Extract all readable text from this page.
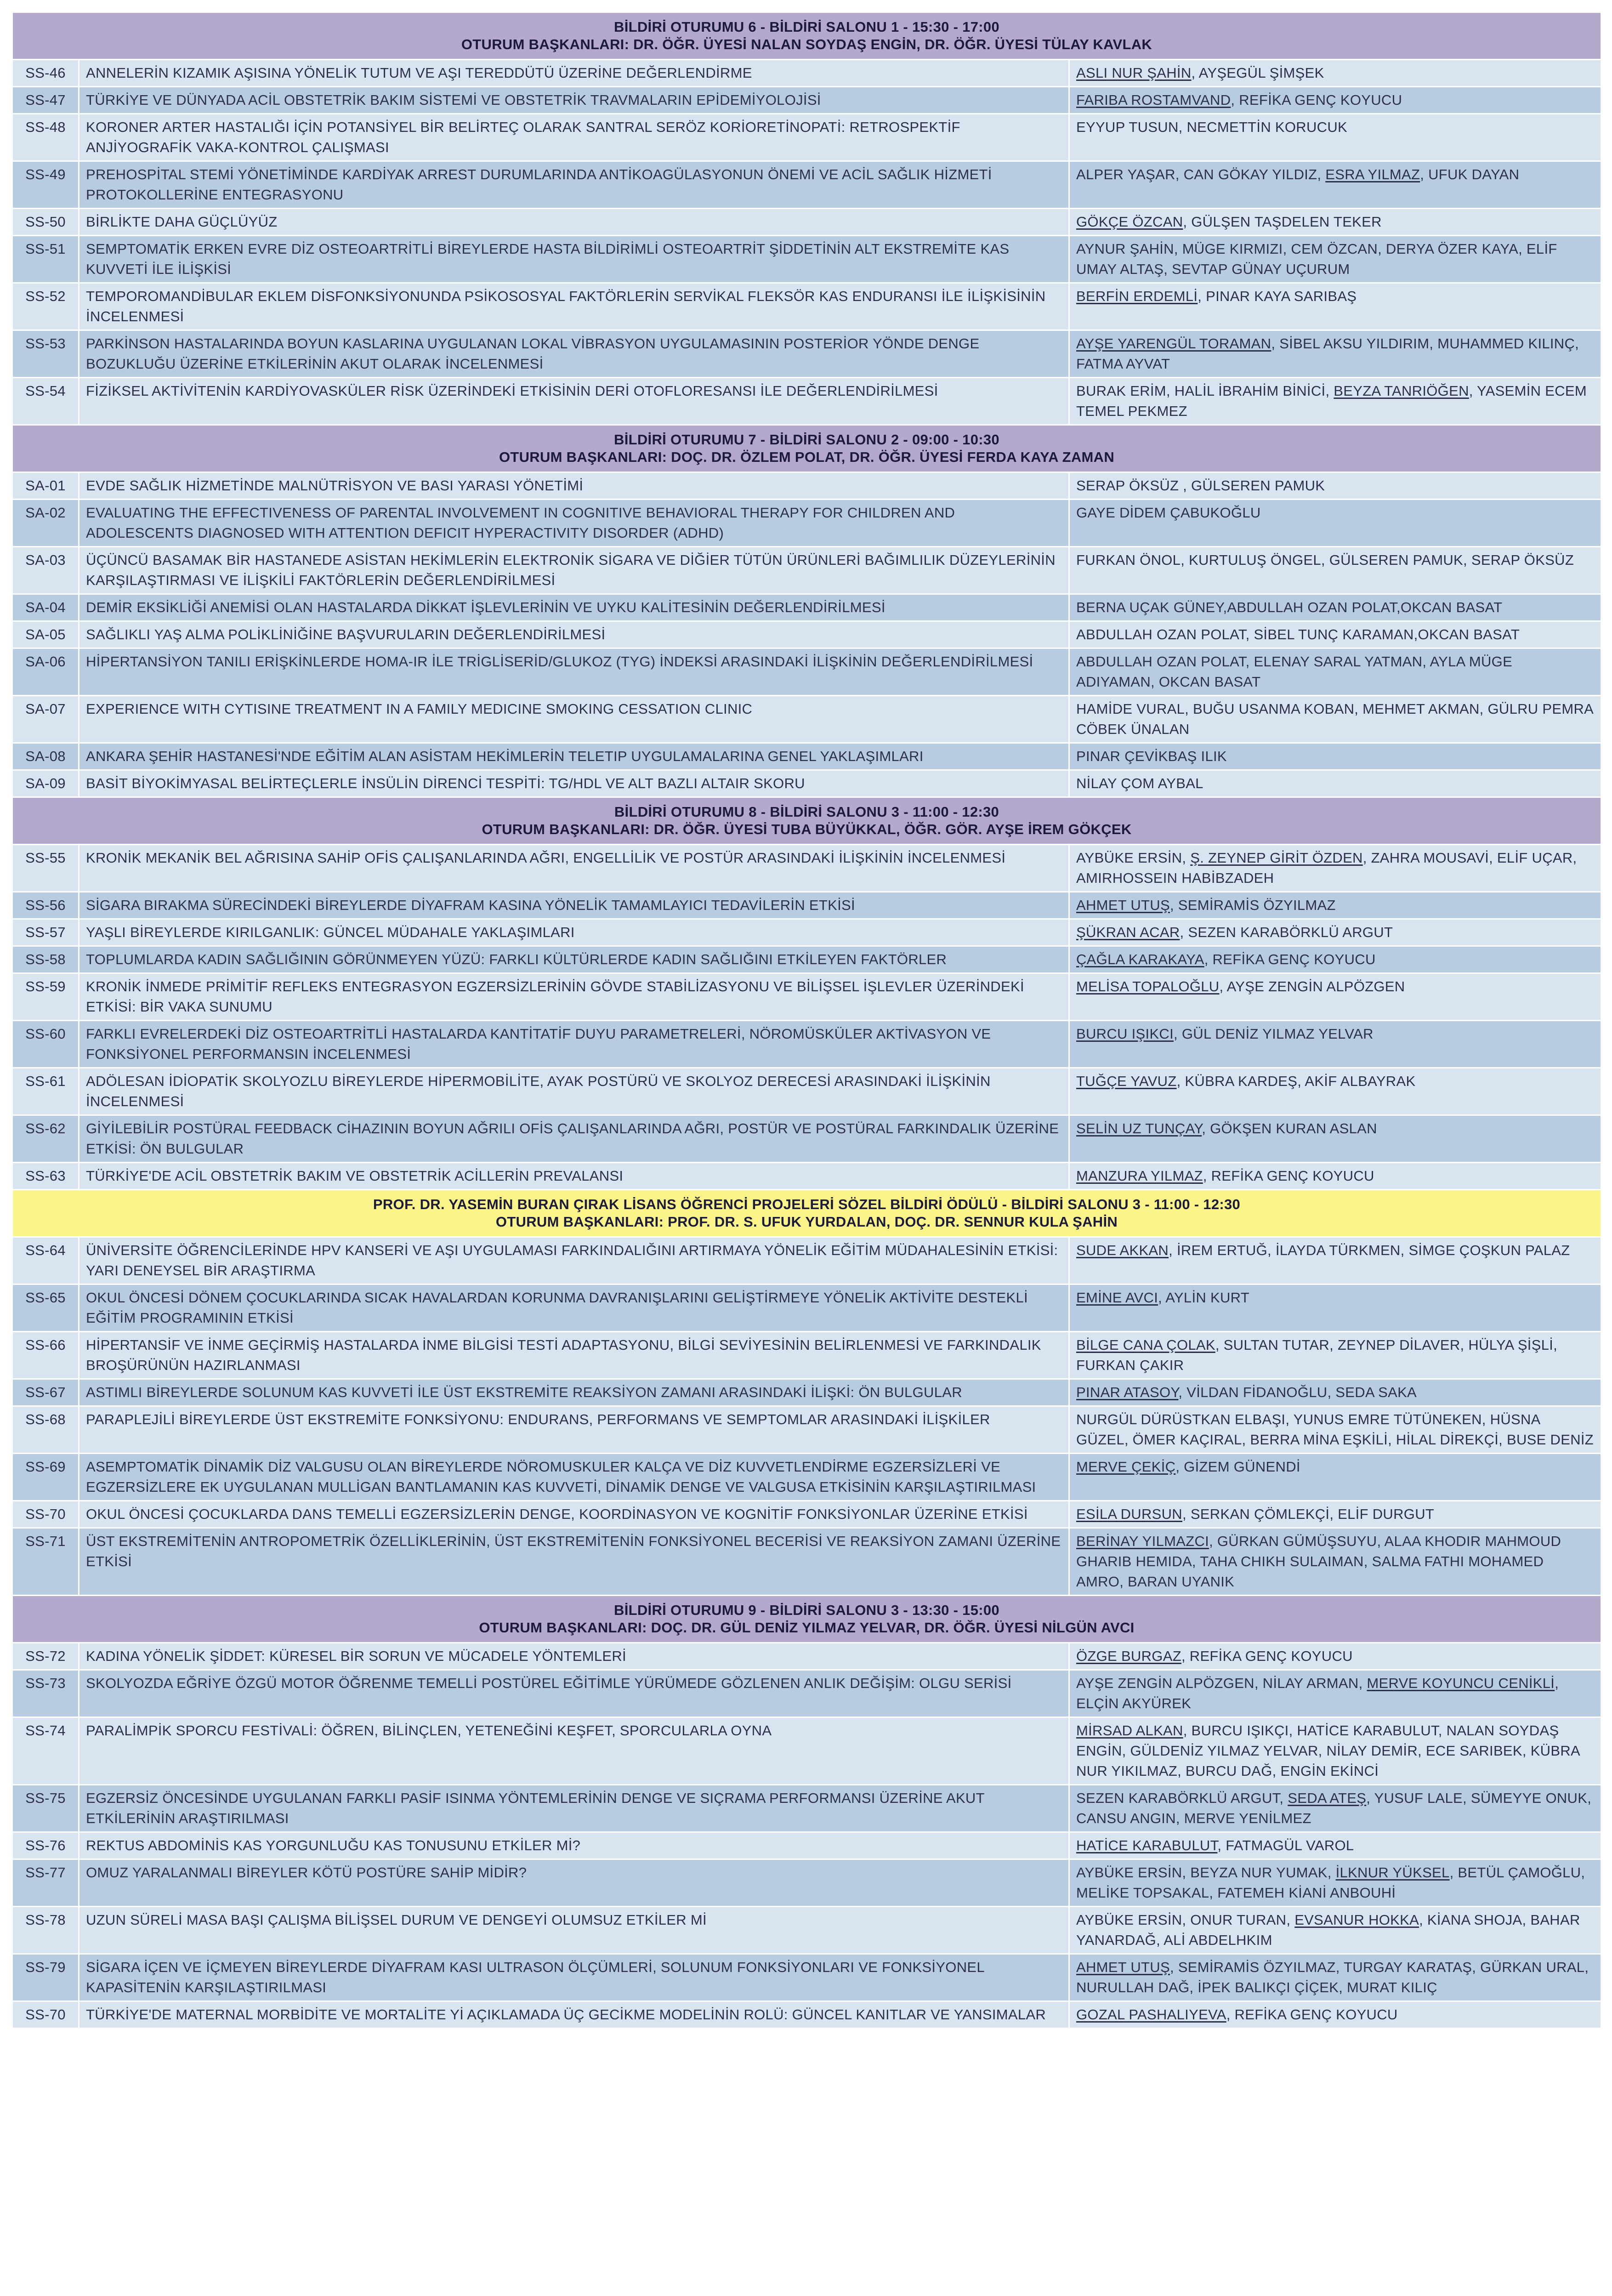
BİLDİRİ OTURUMU 6 - BİLDİRİ SALONU 1 - 15:30 - 17:00
OTURUM BAŞKANLARI: DR. ÖĞR. ÜYESİ NALAN SOYDAŞ ENGİN, DR. ÖĞR. ÜYESİ TÜLAY KAVLAK		

SS-46	ANNELERİN KIZAMIK AŞISINA YÖNELİK TUTUM VE AŞI TEREDDÜTÜ ÜZERİNE DEĞERLENDİRME	ASLI NUR ŞAHİN, AYŞEGÜL ŞİMŞEK
SS-47	TÜRKİYE VE DÜNYADA ACİL OBSTETRİK BAKIM SİSTEMİ VE OBSTETRİK TRAVMALARIN EPİDEMİYOLOJİSİ	FARIBA ROSTAMVAND, REFİKA GENÇ KOYUCU
SS-48	KORONER ARTER HASTALIĞI İÇİN POTANSİYEL BİR BELİRTEÇ OLARAK SANTRAL SERÖZ KORİORETİNOPATİ: RETROSPEKTİF ANJİYOGRAFİK VAKA-KONTROL ÇALIŞMASI	EYYUP TUSUN, NECMETTİN KORUCUK
SS-49	PREHOSPİTAL STEMİ YÖNETİMİNDE KARDİYAK ARREST DURUMLARINDA ANTİKOAGÜLASYONUN ÖNEMİ VE ACİL SAĞLIK HİZMETİ PROTOKOLLERİNE ENTEGRASYONU	ALPER YAŞAR, CAN GÖKAY YILDIZ, ESRA YILMAZ, UFUK DAYAN
SS-50	BİRLİKTE DAHA GÜÇLÜYÜZ	GÖKÇE ÖZCAN, GÜLŞEN TAŞDELEN TEKER
SS-51	SEMPTOMATİK ERKEN EVRE DİZ OSTEOARTRİTLİ BİREYLERDE HASTA BİLDİRİMLİ OSTEOARTRİT ŞİDDETİNİN ALT EKSTREMİTE KAS KUVVETİ İLE İLİŞKİSİ	AYNUR ŞAHİN, MÜGE KIRMIZI, CEM ÖZCAN, DERYA ÖZER KAYA, ELİF UMAY ALTAŞ, SEVTAP GÜNAY UÇURUM
SS-52	TEMPOROMANDİBULAR EKLEM DİSFONKSİYONUNDA PSİKOSOSYAL FAKTÖRLERİN SERVİKAL FLEKSÖR KAS ENDURANSI İLE İLİŞKİSİNİN İNCELENMESİ	BERFİN ERDEMLİ, PINAR KAYA SARIBAŞ
SS-53	PARKİNSON HASTALARINDA BOYUN KASLARINA UYGULANAN LOKAL VİBRASYON UYGULAMASININ POSTERİOR YÖNDE DENGE BOZUKLUĞU ÜZERİNE ETKİLERİNİN AKUT OLARAK İNCELENMESİ	AYŞE YARENGÜL TORAMAN, SİBEL AKSU YILDIRIM, MUHAMMED KILINÇ, FATMA AYVAT
SS-54	FİZİKSEL AKTİVİTENİN KARDİYOVASKÜLER RİSK ÜZERİNDEKİ ETKİSİNİN DERİ OTOFLORESANSI İLE DEĞERLENDİRİLMESİ	BURAK ERİM, HALİL İBRAHİM BİNİCİ, BEYZA TANRIÖĞEN, YASEMİN ECEM TEMEL PEKMEZ

BİLDİRİ OTURUMU 7 - BİLDİRİ SALONU 2 - 09:00 - 10:30
OTURUM BAŞKANLARI: DOÇ. DR. ÖZLEM POLAT, DR. ÖĞR. ÜYESİ FERDA KAYA ZAMAN		

SA-01	EVDE SAĞLIK HİZMETİNDE MALNÜTRİSYON VE BASI YARASI YÖNETİMİ	SERAP ÖKSÜZ , GÜLSEREN PAMUK
SA-02	EVALUATING THE EFFECTIVENESS OF PARENTAL INVOLVEMENT IN COGNITIVE BEHAVIORAL THERAPY FOR CHILDREN AND ADOLESCENTS DIAGNOSED WITH ATTENTION DEFICIT HYPERACTIVITY DISORDER (ADHD)	GAYE DİDEM ÇABUKOĞLU
SA-03	ÜÇÜNCÜ BASAMAK BİR HASTANEDE ASİSTAN HEKİMLERİN ELEKTRONİK SİGARA VE DİĞİER TÜTÜN ÜRÜNLERİ BAĞIMLILIK DÜZEYLERİNİN KARŞILAŞTIRMASI VE İLİŞKİLİ FAKTÖRLERİN DEĞERLENDİRİLMESİ	FURKAN ÖNOL, KURTULUŞ ÖNGEL, GÜLSEREN PAMUK, SERAP ÖKSÜZ
SA-04	DEMİR EKSİKLİĞİ ANEMİSİ OLAN HASTALARDA DİKKAT İŞLEVLERİNİN VE UYKU KALİTESİNİN DEĞERLENDİRİLMESİ	BERNA UÇAK GÜNEY,ABDULLAH OZAN POLAT,OKCAN BASAT
SA-05	SAĞLIKLI YAŞ ALMA POLİKLİNİĞİNE BAŞVURULARIN DEĞERLENDİRİLMESİ	ABDULLAH OZAN POLAT, SİBEL TUNÇ KARAMAN,OKCAN BASAT
SA-06	HİPERTANSİYON TANILI ERİŞKİNLERDE HOMA-IR İLE TRİGLİSERİD/GLUKOZ (TYG) İNDEKSİ ARASINDAKİ İLİŞKİNİN DEĞERLENDİRİLMESİ	ABDULLAH OZAN POLAT, ELENAY SARAL YATMAN, AYLA MÜGE ADIYAMAN, OKCAN BASAT
SA-07	EXPERIENCE WITH CYTISINE TREATMENT IN A FAMILY MEDICINE SMOKING CESSATION CLINIC	HAMİDE VURAL, BUĞU USANMA KOBAN, MEHMET AKMAN, GÜLRU PEMRA CÖBEK ÜNALAN
SA-08	ANKARA ŞEHİR HASTANESİ'NDE EĞİTİM ALAN ASİSTAM HEKİMLERİN TELETIP UYGULAMALARINA GENEL YAKLAŞIMLARI	PINAR ÇEVİKBAŞ ILIK
SA-09	BASİT BİYOKİMYASAL BELİRTEÇLERLE İNSÜLİN DİRENCİ TESPİTİ: TG/HDL VE ALT BAZLI ALTAIR SKORU	NİLAY ÇOM AYBAL

BİLDİRİ OTURUMU 8 - BİLDİRİ SALONU 3 - 11:00 - 12:30
OTURUM BAŞKANLARI: DR. ÖĞR. ÜYESİ TUBA BÜYÜKKAL, ÖĞR. GÖR. AYŞE İREM GÖKÇEK		

SS-55	KRONİK MEKANİK BEL AĞRISINA SAHİP OFİS ÇALIŞANLARINDA AĞRI, ENGELLİLİK VE POSTÜR ARASINDAKİ İLİŞKİNİN İNCELENMESİ	AYBÜKE ERSİN, Ş. ZEYNEP GİRİT ÖZDEN, ZAHRA MOUSAVİ, ELİF UÇAR, AMIRHOSSEIN HABİBZADEH
SS-56	SİGARA BIRAKMA SÜRECİNDEKİ BİREYLERDE DİYAFRAM KASINA YÖNELİK TAMAMLAYICI TEDAVİLERİN ETKİSİ	AHMET UTUŞ, SEMİRAMİS ÖZYILMAZ
SS-57	YAŞLI BİREYLERDE KIRILGANLIK: GÜNCEL MÜDAHALE YAKLAŞIMLARI	ŞÜKRAN ACAR, SEZEN KARABÖRKLÜ ARGUT
SS-58	TOPLUMLARDA KADIN SAĞLIĞININ GÖRÜNMEYEN YÜZÜ: FARKLI KÜLTÜRLERDE KADIN SAĞLIĞINI ETKİLEYEN FAKTÖRLER	ÇAĞLA KARAKAYA, REFİKA GENÇ KOYUCU
SS-59	KRONİK İNMEDE PRİMİTİF REFLEKS ENTEGRASYON EGZERSİZLERİNİN GÖVDE STABİLİZASYONU VE BİLİŞSEL İŞLEVLER ÜZERİNDEKİ ETKİSİ: BİR VAKA SUNUMU	MELİSA TOPALOĞLU, AYŞE ZENGİN ALPÖZGEN
SS-60	FARKLI EVRELERDEKİ DİZ OSTEOARTRİTLİ HASTALARDA KANTİTATİF DUYU PARAMETRELERİ, NÖROMÜSKÜLER AKTİVASYON VE FONKSİYONEL PERFORMANSIN İNCELENMESİ	BURCU IŞIKCI, GÜL DENİZ YILMAZ YELVAR
SS-61	ADÖLESAN İDİOPATİK SKOLYOZLU BİREYLERDE HİPERMOBİLİTE, AYAK POSTÜRÜ VE SKOLYOZ DERECESİ ARASINDAKİ İLİŞKİNİN İNCELENMESİ	TUĞÇE YAVUZ, KÜBRA KARDEŞ, AKİF ALBAYRAK
SS-62	GİYİLEBİLİR POSTÜRAL FEEDBACK CİHAZININ BOYUN AĞRILI OFİS ÇALIŞANLARINDA AĞRI, POSTÜR VE POSTÜRAL FARKINDALIK ÜZERİNE ETKİSİ: ÖN BULGULAR	SELİN UZ TUNÇAY, GÖKŞEN KURAN ASLAN
SS-63	TÜRKİYE'DE ACİL OBSTETRİK BAKIM VE OBSTETRİK ACİLLERİN PREVALANSI	MANZURA YILMAZ, REFİKA GENÇ KOYUCU

PROF. DR. YASEMİN BURAN ÇIRAK LİSANS ÖĞRENCİ PROJELERİ SÖZEL BİLDİRİ ÖDÜLÜ - BİLDİRİ SALONU 3 - 11:00 - 12:30
OTURUM BAŞKANLARI: PROF. DR. S. UFUK YURDALAN, DOÇ. DR. SENNUR KULA ŞAHİN		

SS-64	ÜNİVERSİTE ÖĞRENCİLERİNDE HPV KANSERİ VE AŞI UYGULAMASI FARKINDALIĞINI ARTIRMAYA YÖNELİK EĞİTİM MÜDAHALESİNİN ETKİSİ: YARI DENEYSEL BİR ARAŞTIRMA	SUDE AKKAN, İREM ERTUĞ, İLAYDA TÜRKMEN, SİMGE ÇOŞKUN PALAZ
SS-65	OKUL ÖNCESİ DÖNEM ÇOCUKLARINDA SICAK HAVALARDAN KORUNMA DAVRANIŞLARINI GELİŞTİRMEYE YÖNELİK AKTİVİTE DESTEKLİ EĞİTİM PROGRAMININ ETKİSİ	EMİNE AVCI, AYLİN KURT
SS-66	HİPERTANSİF VE İNME GEÇİRMİŞ HASTALARDA İNME BİLGİSİ TESTİ ADAPTASYONU, BİLGİ SEVİYESİNİN BELİRLENMESİ VE FARKINDALIK BROŞÜRÜNÜN HAZIRLANMASI	BİLGE CANA ÇOLAK, SULTAN TUTAR, ZEYNEP DİLAVER, HÜLYA ŞİŞLİ, FURKAN ÇAKIR
SS-67	ASTIMLI BİREYLERDE SOLUNUM KAS KUVVETİ İLE ÜST EKSTREMİTE REAKSİYON ZAMANI ARASINDAKİ İLİŞKİ: ÖN BULGULAR	PINAR ATASOY, VİLDAN FİDANOĞLU, SEDA SAKA
SS-68	PARAPLEJİLİ BİREYLERDE ÜST EKSTREMİTE FONKSİYONU: ENDURANS, PERFORMANS VE SEMPTOMLAR ARASINDAKİ İLİŞKİLER	NURGÜL DÜRÜSTKAN ELBAŞI, YUNUS EMRE TÜTÜNEKEN, HÜSNA GÜZEL, ÖMER KAÇIRAL, BERRA MİNA EŞKİLİ, HİLAL DİREKÇİ, BUSE DENİZ
SS-69	ASEMPTOMATİK DİNAMİK DİZ VALGUSU OLAN BİREYLERDE NÖROMUSKULER KALÇA VE DİZ KUVVETLENDİRME EGZERSİZLERİ VE EGZERSİZLERE EK UYGULANAN MULLİGAN BANTLAMANIN KAS KUVVETİ, DİNAMİK DENGE VE VALGUSA ETKİSİNİN KARŞILAŞTIRILMASI	MERVE ÇEKİÇ, GİZEM GÜNENDİ
SS-70	OKUL ÖNCESİ ÇOCUKLARDA DANS TEMELLİ EGZERSİZLERİN DENGE, KOORDİNASYON VE KOGNİTİF FONKSİYONLAR ÜZERİNE ETKİSİ	ESİLA DURSUN, SERKAN ÇÖMLEKÇİ, ELİF DURGUT
SS-71	ÜST EKSTREMİTENİN ANTROPOMETRİK ÖZELLİKLERİNİN, ÜST EKSTREMİTENİN FONKSİYONEL BECERİSİ VE REAKSİYON ZAMANI ÜZERİNE ETKİSİ	BERİNAY YILMAZCI, GÜRKAN GÜMÜŞSUYU, ALAA KHODIR MAHMOUD GHARIB HEMIDA, TAHA CHIKH SULAIMAN, SALMA FATHI MOHAMED AMRO, BARAN UYANIK

BİLDİRİ OTURUMU 9 - BİLDİRİ SALONU 3 - 13:30 - 15:00
OTURUM BAŞKANLARI: DOÇ. DR. GÜL DENİZ YILMAZ YELVAR, DR. ÖĞR. ÜYESİ NİLGÜN AVCI		

SS-72	KADINA YÖNELİK ŞİDDET: KÜRESEL BİR SORUN VE MÜCADELE YÖNTEMLERİ	ÖZGE BURGAZ, REFİKA GENÇ KOYUCU
SS-73	SKOLYOZDA EĞRİYE ÖZGÜ MOTOR ÖĞRENME TEMELLİ POSTÜREL EĞİTİMLE YÜRÜMEDE GÖZLENEN ANLIK DEĞİŞİM: OLGU SERİSİ	AYŞE ZENGİN ALPÖZGEN, NİLAY ARMAN, MERVE KOYUNCU CENİKLİ, ELÇİN AKYÜREK
SS-74	PARALİMPİK SPORCU FESTİVALİ: ÖĞREN, BİLİNÇLEN, YETENEĞİNİ KEŞFET, SPORCULARLA OYNA	MİRSAD ALKAN, BURCU IŞIKÇI, HATİCE KARABULUT, NALAN SOYDAŞ ENGİN, GÜLDENİZ YILMAZ YELVAR, NİLAY DEMİR, ECE SARIBEK, KÜBRA NUR YIKILMAZ, BURCU DAĞ, ENGİN EKİNCİ
SS-75	EGZERSİZ ÖNCESİNDE UYGULANAN FARKLI PASİF ISINMA YÖNTEMLERİNİN DENGE VE SIÇRAMA PERFORMANSI ÜZERİNE AKUT ETKİLERİNİN ARAŞTIRILMASI	SEZEN KARABÖRKLÜ ARGUT, SEDA ATEŞ, YUSUF LALE, SÜMEYYE ONUK, CANSU ANGIN, MERVE YENİLMEZ
SS-76	REKTUS ABDOMİNİS KAS YORGUNLUĞU KAS TONUSUNU ETKİLER Mİ?	HATİCE KARABULUT, FATMAGÜL VAROL
SS-77	OMUZ YARALANMALI BİREYLER KÖTÜ POSTÜRE SAHİP MİDİR?	AYBÜKE ERSİN, BEYZA NUR YUMAK, İLKNUR YÜKSEL, BETÜL ÇAMOĞLU, MELİKE TOPSAKAL, FATEMEH KİANİ ANBOUHİ
SS-78	UZUN SÜRELİ MASA BAŞI ÇALIŞMA BİLİŞSEL DURUM VE DENGEYİ OLUMSUZ ETKİLER Mİ	AYBÜKE ERSİN, ONUR TURAN, EVSANUR HOKKA, KİANA SHOJA, BAHAR YANARDAĞ, ALİ ABDELHKIM
SS-79	SİGARA İÇEN VE İÇMEYEN BİREYLERDE DİYAFRAM KASI ULTRASON ÖLÇÜMLERİ, SOLUNUM FONKSİYONLARI VE FONKSİYONEL KAPASİTENİN KARŞILAŞTIRILMASI	AHMET UTUŞ, SEMİRAMİS ÖZYILMAZ, TURGAY KARATAŞ, GÜRKAN URAL, NURULLAH DAĞ, İPEK BALIKÇI ÇİÇEK, MURAT KILIÇ
SS-70	TÜRKİYE'DE MATERNAL MORBİDİTE VE MORTALİTE Yİ AÇIKLAMADA ÜÇ GECİKME MODELİNİN ROLÜ: GÜNCEL KANITLAR VE YANSIMALAR	GOZAL PASHALIYEVA, REFİKA GENÇ KOYUCU
